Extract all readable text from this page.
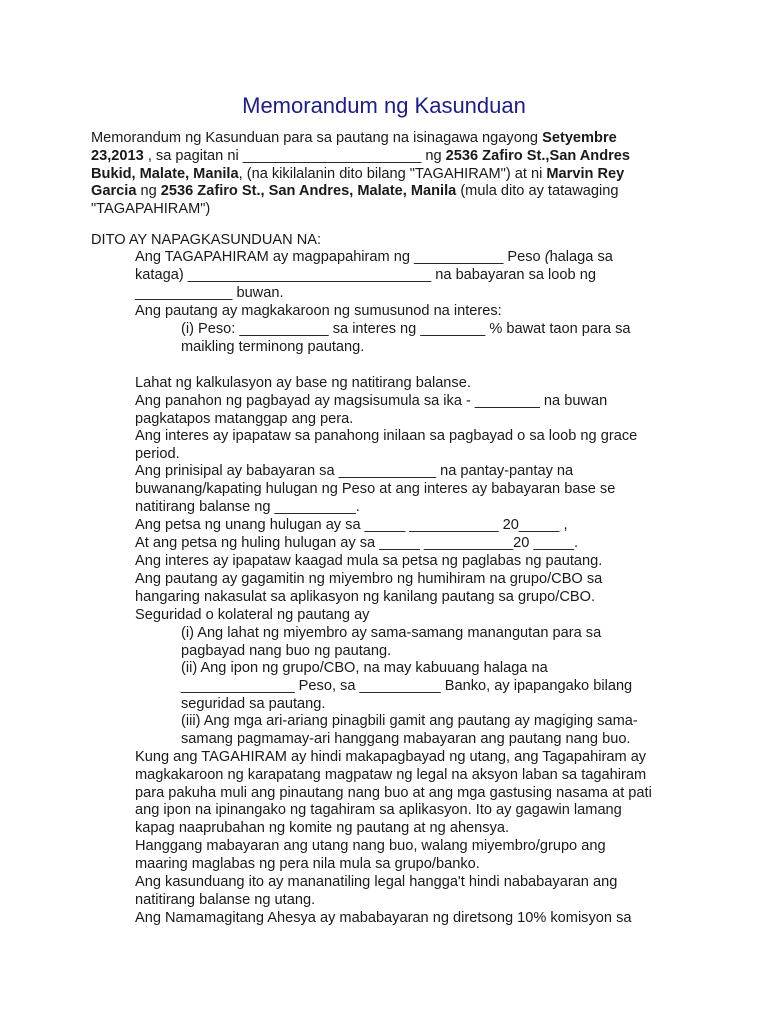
Memorandum ng Kasunduan

Memorandum ng Kasunduan para sa pautang na isinagawa ngayong Setyembre
23,2013 , sa pagitan ni ______________________ ng 2536 Zafiro St.,San Andres
Bukid, Malate, Manila, (na kikilalanin dito bilang "TAGAHIRAM") at ni Marvin Rey
Garcia ng 2536 Zafiro St., San Andres, Malate, Manila (mula dito ay tatawaging
"TAGAPAHIRAM")

DITO AY NAPAGKASUNDUAN NA:

Ang TAGAPAHIRAM ay magpapahiram ng ___________ Peso (halaga sa
kataga) ______________________________ na babayaran sa loob ng
____________ buwan.

Ang pautang ay magkakaroon ng sumusunod na interes:

(i) Peso: ___________ sa interes ng ________ % bawat taon para sa
maikling terminong pautang.

Lahat ng kalkulasyon ay base ng natitirang balanse.

Ang panahon ng pagbayad ay magsisumula sa ika - ________ na buwan
pagkatapos matanggap ang pera.

Ang interes ay ipapataw sa panahong inilaan sa pagbayad o sa loob ng grace
period.

Ang prinisipal ay babayaran sa ____________ na pantay-pantay na
buwanang/kapating hulugan ng Peso at ang interes ay babayaran base se
natitirang balanse ng __________.

Ang petsa ng unang hulugan ay sa _____ ___________ 20_____ ,

At ang petsa ng huling hulugan ay sa _____ ___________20 _____.

Ang interes ay ipapataw kaagad mula sa petsa ng paglabas ng pautang.

Ang pautang ay gagamitin ng miyembro ng humihiram na grupo/CBO sa
hangaring nakasulat sa aplikasyon ng kanilang pautang sa grupo/CBO.

Seguridad o kolateral ng pautang ay

(i) Ang lahat ng miyembro ay sama-samang manangutan para sa
pagbayad nang buo ng pautang.

(ii) Ang ipon ng grupo/CBO, na may kabuuang halaga na
______________ Peso, sa __________ Banko, ay ipapangako bilang
seguridad sa pautang.

(iii) Ang mga ari-ariang pinagbili gamit ang pautang ay magiging sama-
samang pagmamay-ari hanggang mabayaran ang pautang nang buo.

Kung ang TAGAHIRAM ay hindi makapagbayad ng utang, ang Tagapahiram ay
magkakaroon ng karapatang magpataw ng legal na aksyon laban sa tagahiram
para pakuha muli ang pinautang nang buo at ang mga gastusing nasama at pati
ang ipon na ipinangako ng tagahiram sa aplikasyon. Ito ay gagawin lamang
kapag naaprubahan ng komite ng pautang at ng ahensya.

Hanggang mabayaran ang utang nang buo, walang miyembro/grupo ang
maaring maglabas ng pera nila mula sa grupo/banko.

Ang kasunduang ito ay mananatiling legal hangga't hindi nababayaran ang
natitirang balanse ng utang.

Ang Namamagitang Ahesya ay mababayaran ng diretsong 10% komisyon sa
